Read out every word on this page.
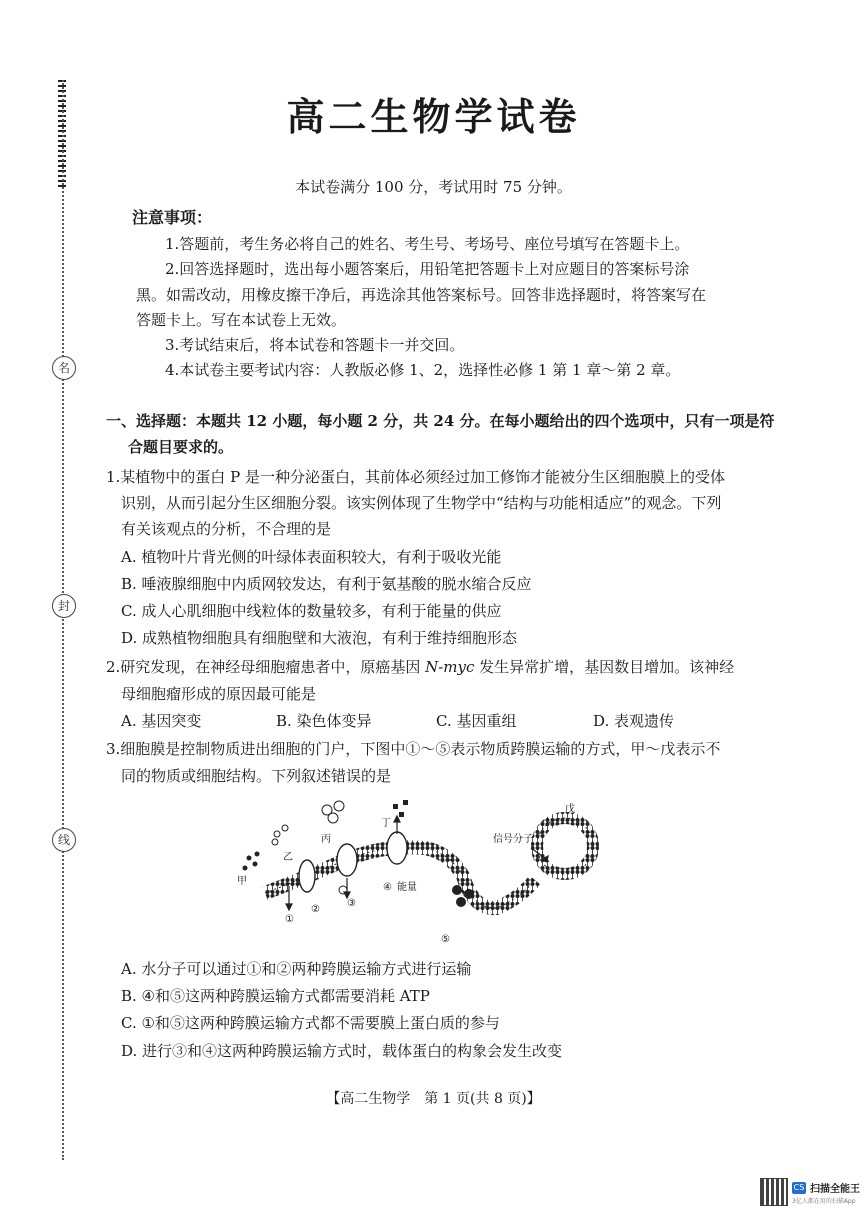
名
封
线
高二生物学试卷
本试卷满分 100 分，考试用时 75 分钟。
注意事项：
1.答题前，考生务必将自己的姓名、考生号、考场号、座位号填写在答题卡上。
2.回答选择题时，选出每小题答案后，用铅笔把答题卡上对应题目的答案标号涂
黑。如需改动，用橡皮擦干净后，再选涂其他答案标号。回答非选择题时，将答案写在
答题卡上。写在本试卷上无效。
3.考试结束后，将本试卷和答题卡一并交回。
4.本试卷主要考试内容：人教版必修 1、2，选择性必修 1 第 1 章～第 2 章。
一、选择题：本题共 12 小题，每小题 2 分，共 24 分。在每小题给出的四个选项中，只有一项是符
合题目要求的。
1.某植物中的蛋白 P 是一种分泌蛋白，其前体必须经过加工修饰才能被分生区细胞膜上的受体
识别，从而引起分生区细胞分裂。该实例体现了生物学中“结构与功能相适应”的观念。下列
有关该观点的分析，不合理的是
A. 植物叶片背光侧的叶绿体表面积较大，有利于吸收光能
B. 唾液腺细胞中内质网较发达，有利于氨基酸的脱水缩合反应
C. 成人心肌细胞中线粒体的数量较多，有利于能量的供应
D. 成熟植物细胞具有细胞壁和大液泡，有利于维持细胞形态
2.研究发现，在神经母细胞瘤患者中，原癌基因 N-myc 发生异常扩增，基因数目增加。该神经
母细胞瘤形成的原因最可能是
A. 基因突变	B. 染色体变异	C. 基因重组	D. 表观遗传
3.细胞膜是控制物质进出细胞的门户，下图中①～⑤表示物质跨膜运输的方式，甲～戊表示不
同的物质或细胞结构。下列叙述错误的是
甲
乙
丙
丁
戊
信号分子
能量
①
②
③
④
⑤
A. 水分子可以通过①和②两种跨膜运输方式进行运输
B. ④和⑤这两种跨膜运输方式都需要消耗 ATP
C. ①和⑤这两种跨膜运输方式都不需要膜上蛋白质的参与
D. 进行③和④这两种跨膜运输方式时，载体蛋白的构象会发生改变
【高二生物学　第 1 页(共 8 页)】
CS 扫描全能王
3亿人都在用的扫描App
